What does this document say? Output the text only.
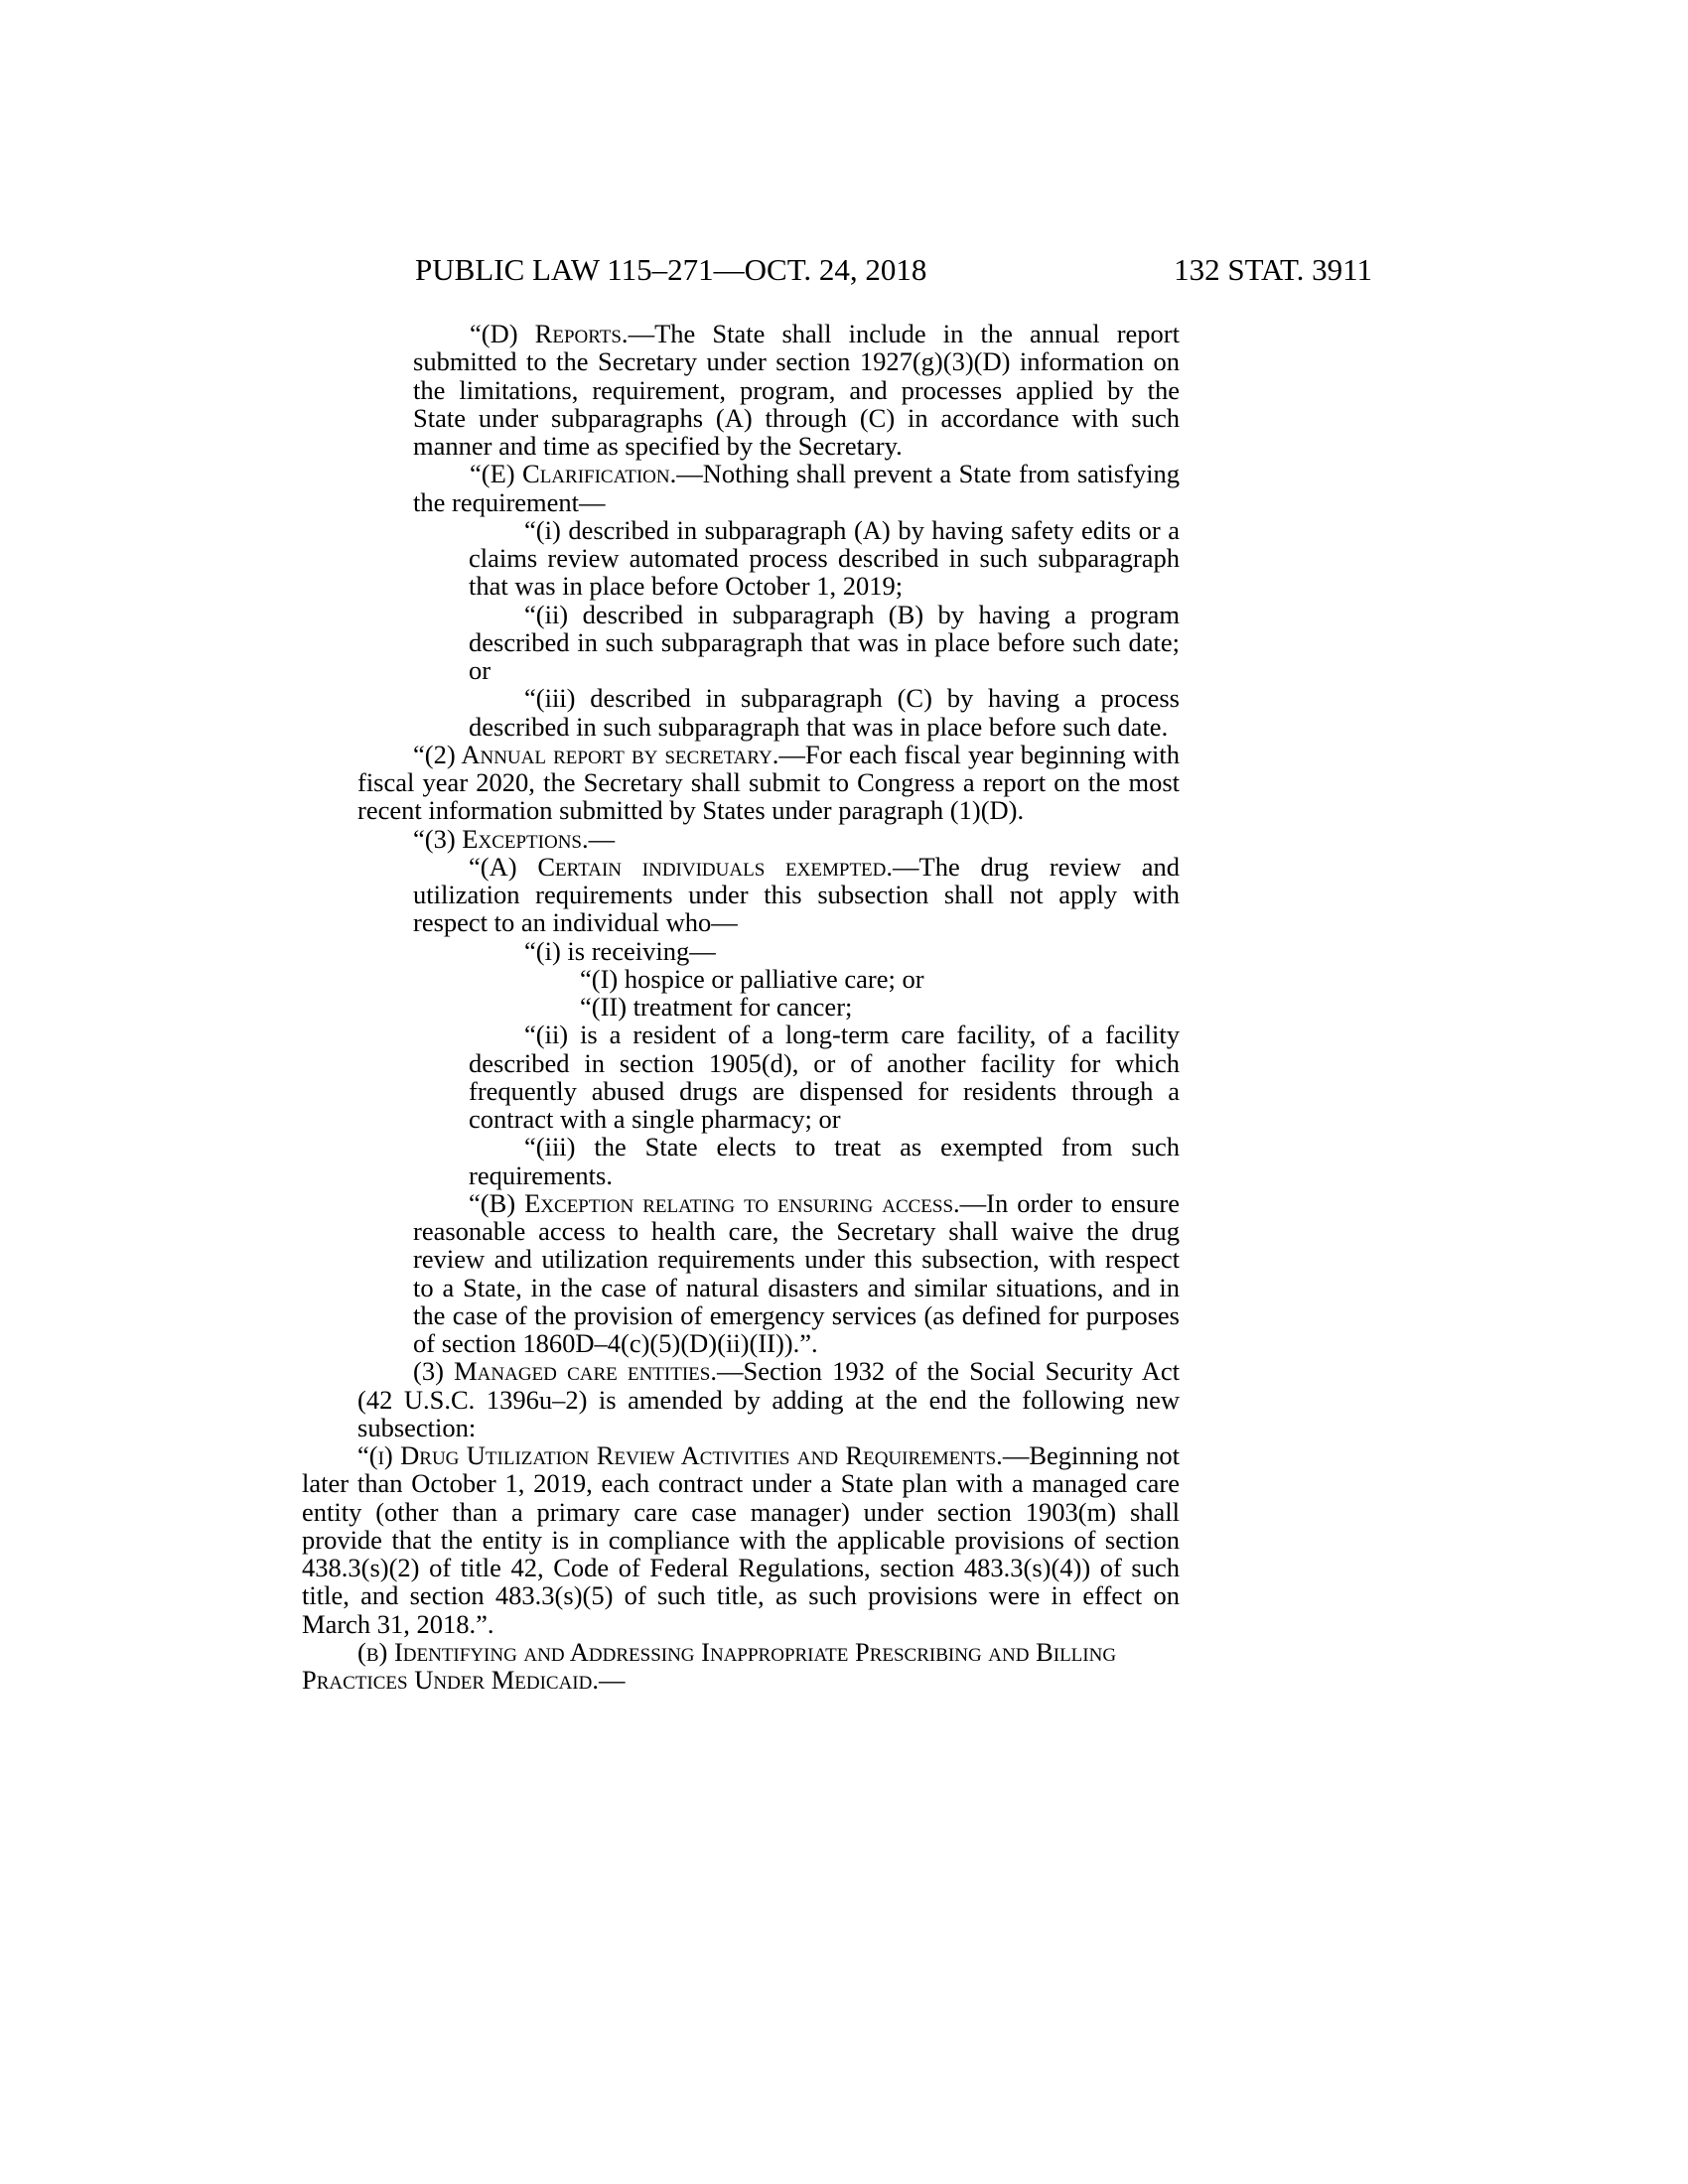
PUBLIC LAW 115–271—OCT. 24, 2018	132 STAT. 3911

“(D) Reports.—The State shall include in the annual report submitted to the Secretary under section 1927(g)(3)(D) information on the limitations, requirement, program, and processes applied by the State under subparagraphs (A) through (C) in accordance with such manner and time as specified by the Secretary.

“(E) Clarification.—Nothing shall prevent a State from satisfying the requirement—

“(i) described in subparagraph (A) by having safety edits or a claims review automated process described in such subparagraph that was in place before October 1, 2019;

“(ii) described in subparagraph (B) by having a program described in such subparagraph that was in place before such date; or

“(iii) described in subparagraph (C) by having a process described in such subparagraph that was in place before such date.

“(2) Annual report by secretary.—For each fiscal year beginning with fiscal year 2020, the Secretary shall submit to Congress a report on the most recent information submitted by States under paragraph (1)(D).

“(3) Exceptions.—

“(A) Certain individuals exempted.—The drug review and utilization requirements under this subsection shall not apply with respect to an individual who—

“(i) is receiving—

“(I) hospice or palliative care; or

“(II) treatment for cancer;

“(ii) is a resident of a long-term care facility, of a facility described in section 1905(d), or of another facility for which frequently abused drugs are dispensed for residents through a contract with a single pharmacy; or

“(iii) the State elects to treat as exempted from such requirements.

“(B) Exception relating to ensuring access.—In order to ensure reasonable access to health care, the Secretary shall waive the drug review and utilization requirements under this subsection, with respect to a State, in the case of natural disasters and similar situations, and in the case of the provision of emergency services (as defined for purposes of section 1860D–4(c)(5)(D)(ii)(II)).”.

(3) Managed care entities.—Section 1932 of the Social Security Act (42 U.S.C. 1396u–2) is amended by adding at the end the following new subsection:

“(i) Drug Utilization Review Activities and Requirements.—Beginning not later than October 1, 2019, each contract under a State plan with a managed care entity (other than a primary care case manager) under section 1903(m) shall provide that the entity is in compliance with the applicable provisions of section 438.3(s)(2) of title 42, Code of Federal Regulations, section 483.3(s)(4)) of such title, and section 483.3(s)(5) of such title, as such provisions were in effect on March 31, 2018.”.

(b) Identifying and Addressing Inappropriate Prescribing and Billing Practices Under Medicaid.—
